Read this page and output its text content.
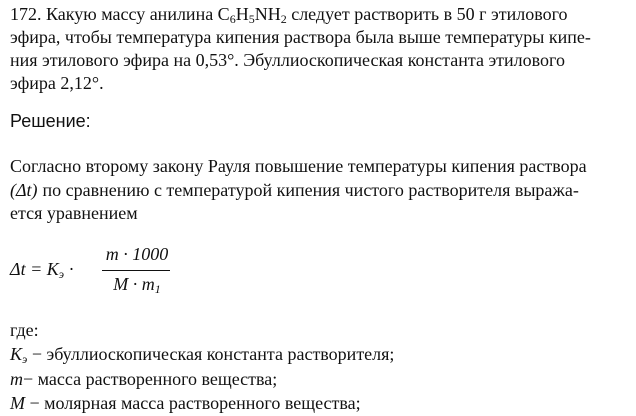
172. Какую массу анилина $C_6H_5NH_2$ следует растворить в 50 г этилового
эфира, чтобы температура кипения раствора была выше температуры кипе-
ния этилового эфира на 0,53°. Эбуллиоскопическая константа этилового
эфира 2,12°.
Решение:
Согласно второму закону Рауля повышение температуры кипения раствора
(Δt) по сравнению с температурой кипения чистого растворителя выража-
ется уравнением
$\Delta t = K_э$ ·
m · 1000
$M \cdot m_1$
где:
$K_э$ − эбуллиоскопическая константа растворителя;
m− масса растворенного вещества;
M − молярная масса растворенного вещества;
